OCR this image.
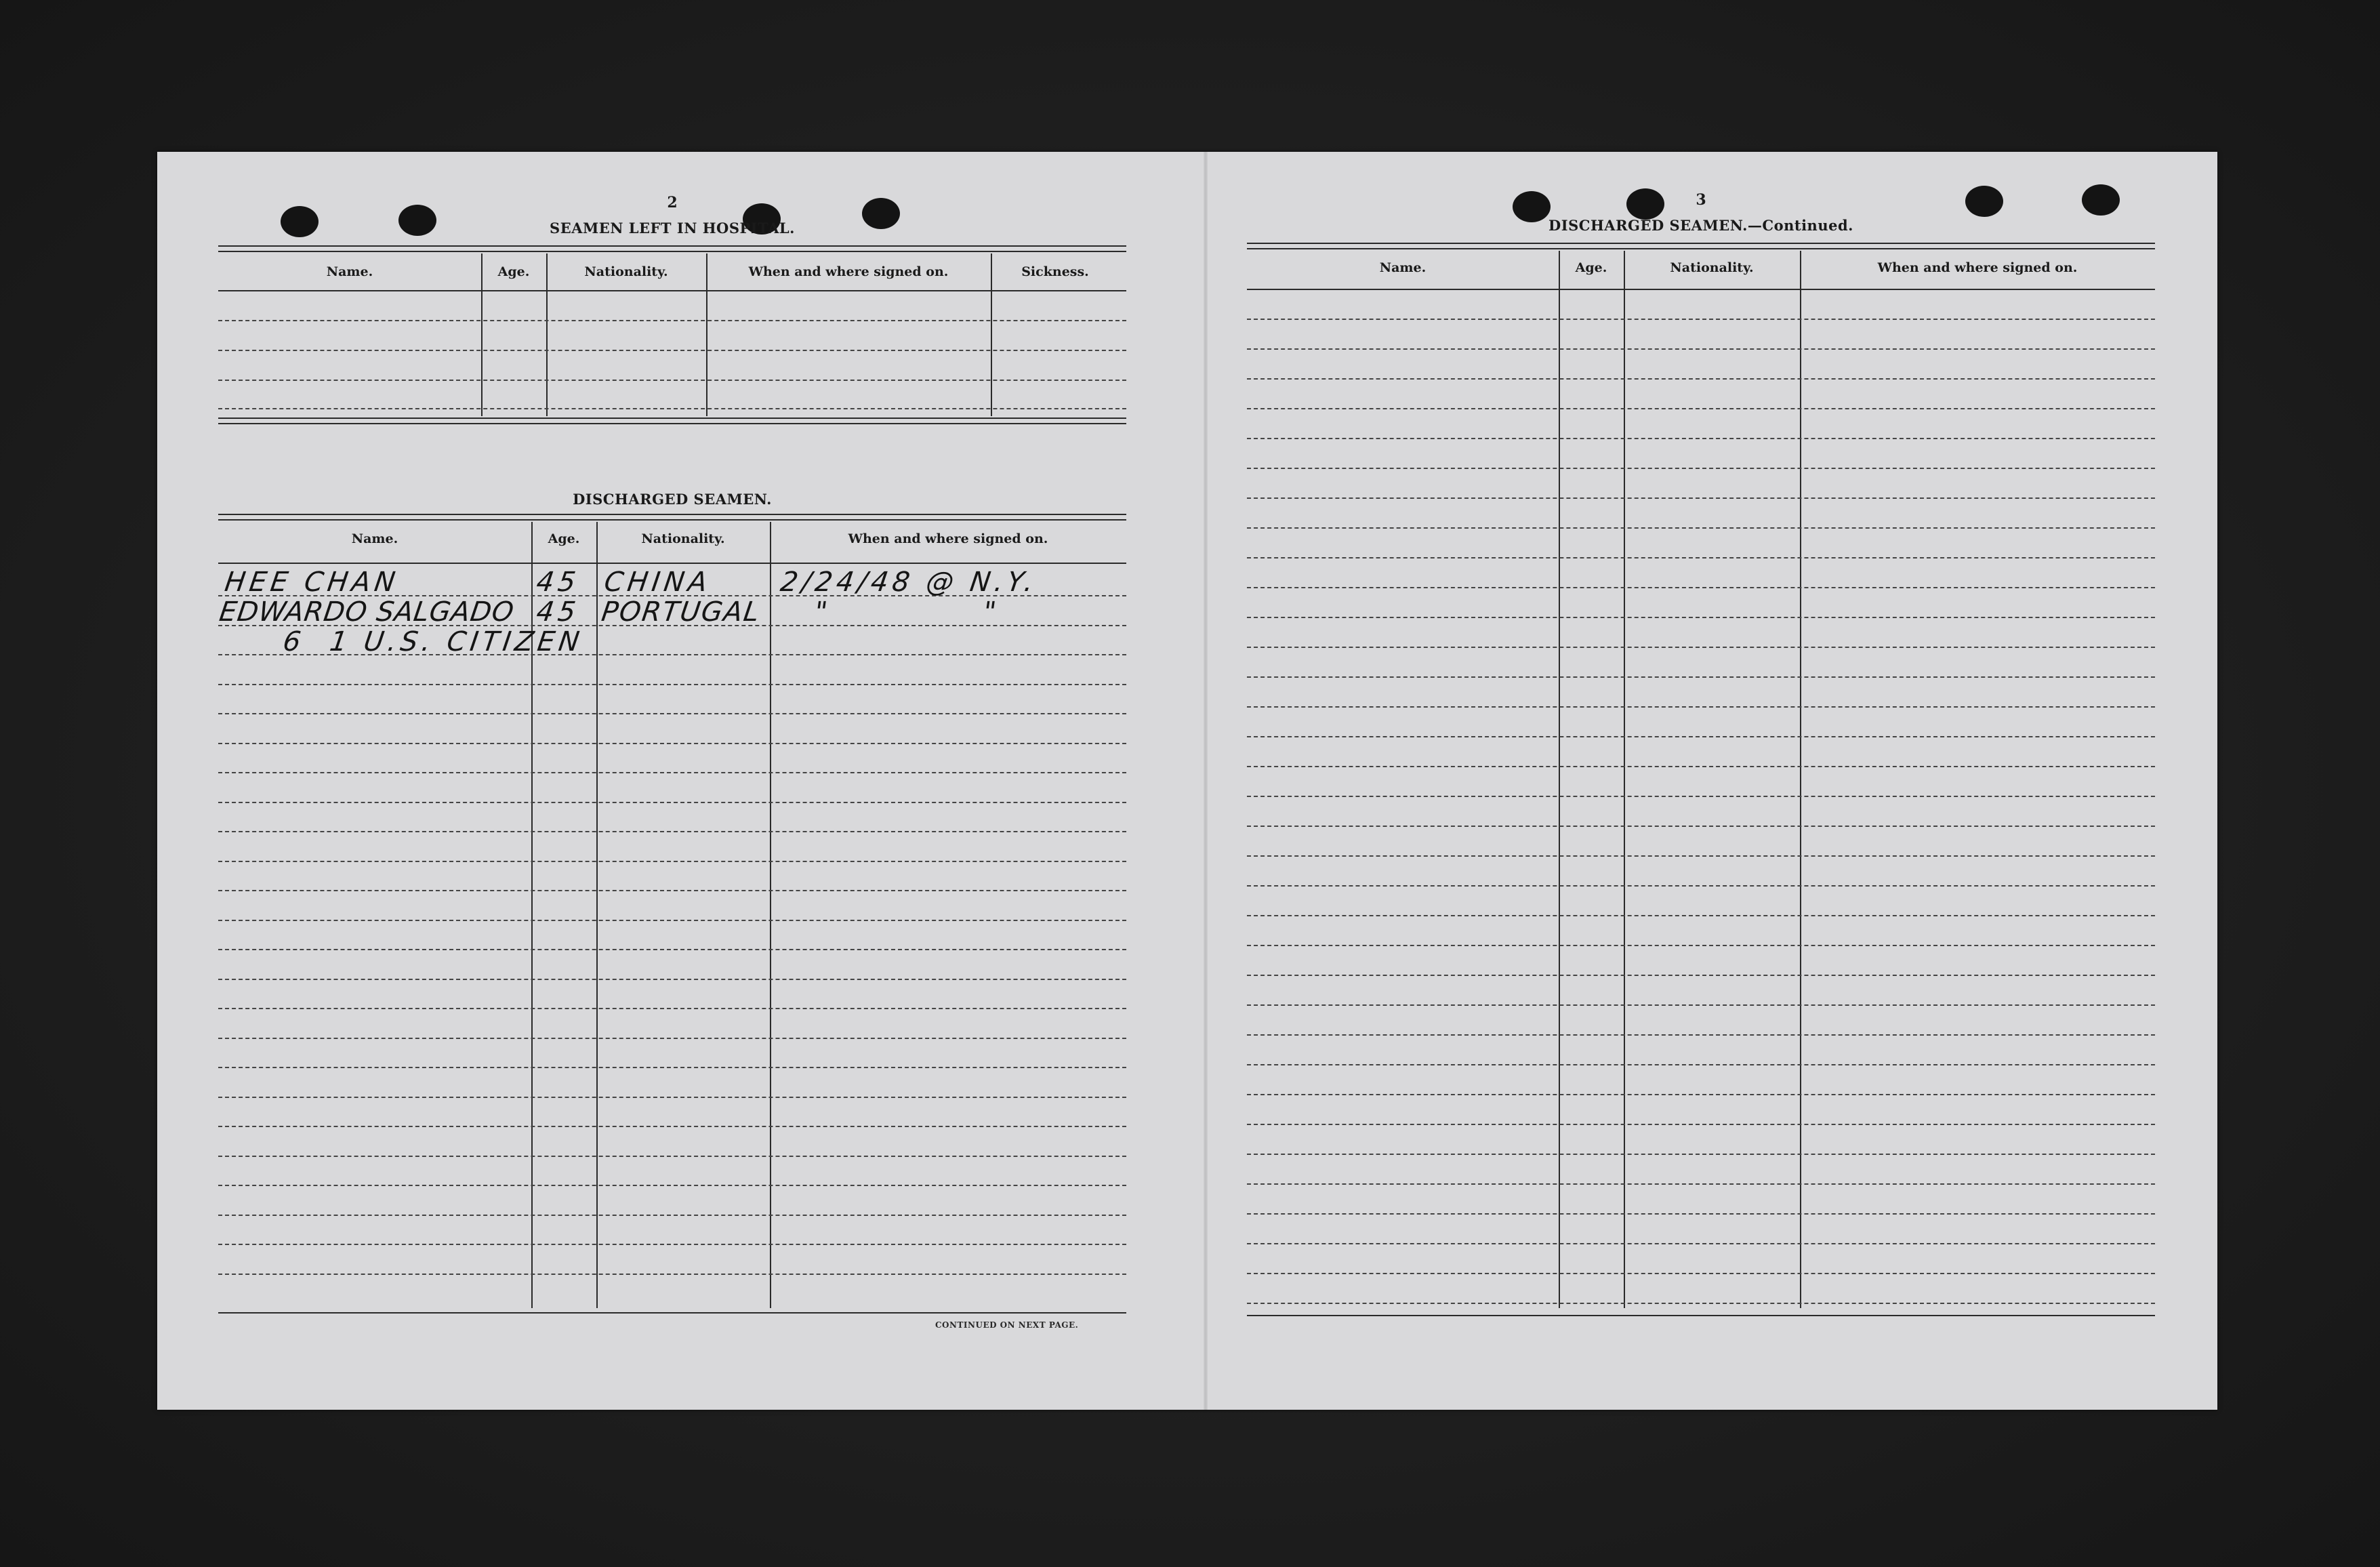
2
SEAMEN LEFT IN HOSPITAL.
Name.	Age.	Nationality.	When and where signed on.	Sickness.
DISCHARGED SEAMEN.
Name.	Age.	Nationality.	When and where signed on.
HEE CHAN	45 CHINA 2/24/48 @ N.Y.
EDWARDO SALGADO 45 PORTUGAL "            "
6  1 U.S. CITIZEN
CONTINUED ON NEXT PAGE.
3
DISCHARGED SEAMEN.—Continued.
Name.	Age.	Nationality.	When and where signed on.
